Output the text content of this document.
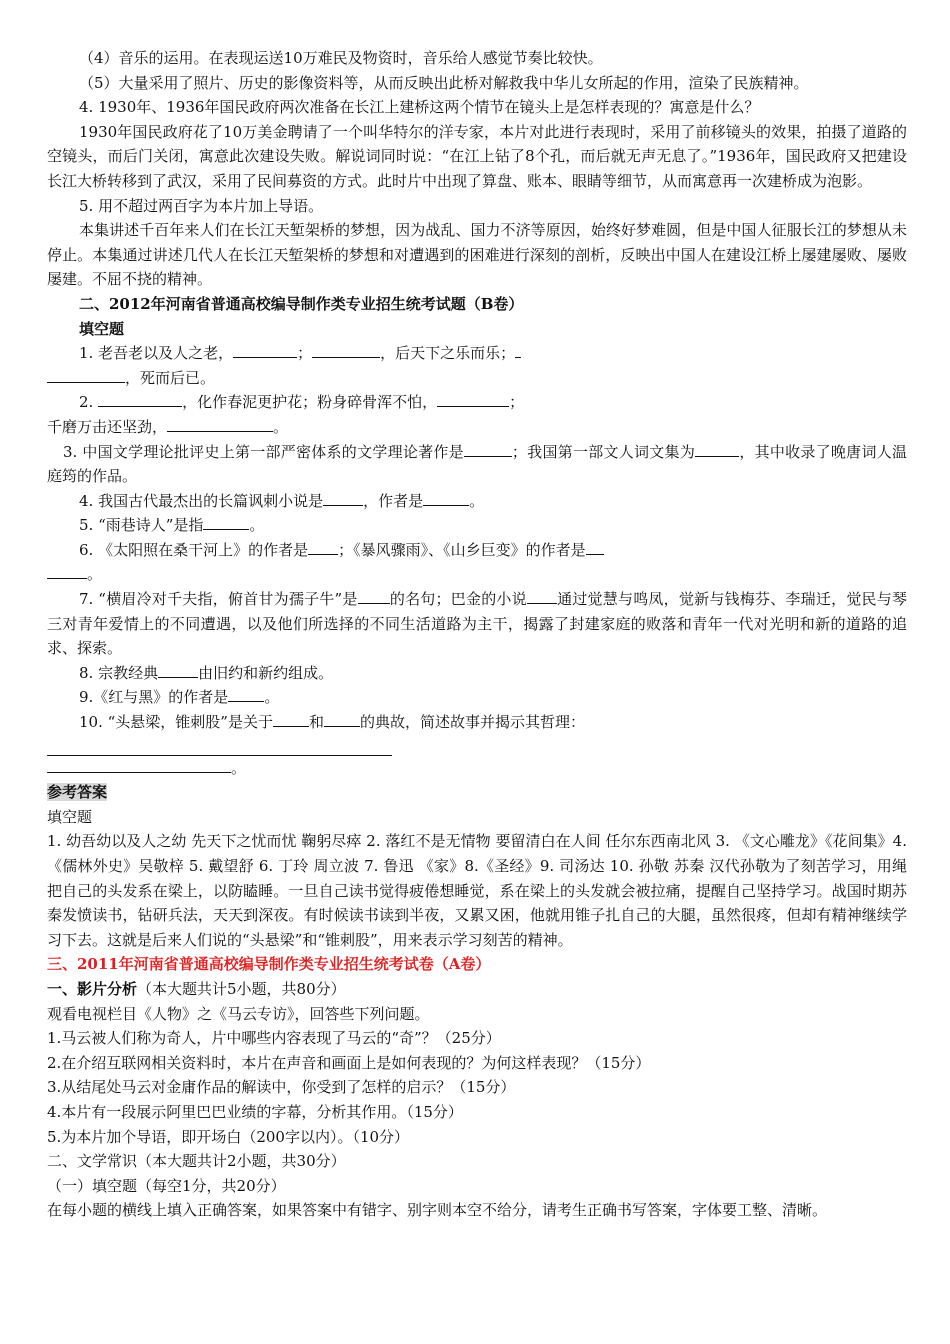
（4）音乐的运用。在表现运送10万难民及物资时，音乐给人感觉节奏比较快。

（5）大量采用了照片、历史的影像资料等，从而反映出此桥对解救我中华儿女所起的作用，渲染了民族精神。

4. 1930年、1936年国民政府两次准备在长江上建桥这两个情节在镜头上是怎样表现的？寓意是什么？

1930年国民政府花了10万美金聘请了一个叫华特尔的洋专家，本片对此进行表现时，采用了前移镜头的效果，拍摄了道路的空镜头，而后门关闭，寓意此次建设失败。解说词同时说：“在江上钻了8个孔，而后就无声无息了。”1936年，国民政府又把建设长江大桥转移到了武汉，采用了民间募资的方式。此时片中出现了算盘、账本、眼睛等细节，从而寓意再一次建桥成为泡影。

5. 用不超过两百字为本片加上导语。

本集讲述千百年来人们在长江天堑架桥的梦想，因为战乱、国力不济等原因，始终好梦难圆，但是中国人征服长江的梦想从未停止。本集通过讲述几代人在长江天堑架桥的梦想和对遭遇到的困难进行深刻的剖析，反映出中国人在建设江桥上屡建屡败、屡败屡建。不屈不挠的精神。

二、2012年河南省普通高校编导制作类专业招生统考试题（B卷）

填空题

1. 老吾老以及人之老，	；	，后天下之乐而乐；

，死而后已。

2.	，化作春泥更护花；粉身碎骨浑不怕，	；

千磨万击还坚劲，	。

3. 中国文学理论批评史上第一部严密体系的文学理论著作是	；我国第一部文人词文集为	，其中收录了晚唐词人温庭筠的作品。

4. 我国古代最杰出的长篇讽刺小说是	，作者是	。

5. “雨巷诗人”是指	。

6. 《太阳照在桑干河上》的作者是 ；《暴风骤雨》、《山乡巨变》的作者是

。

7. “横眉冷对千夫指，俯首甘为孺子牛”是 的名句；巴金的小说 通过觉慧与鸣凤，觉新与钱梅芬、李瑞迁，觉民与琴三对青年爱情上的不同遭遇，以及他们所选择的不同生活道路为主干，揭露了封建家庭的败落和青年一代对光明和新的道路的追求、探索。

8. 宗教经典	由旧约和新约组成。

9.《红与黑》的作者是 。

10. “头悬梁，锥刺股”是关于 和 的典故，简述故事并揭示其哲理：

。

参考答案

填空题

1. 幼吾幼以及人之幼 先天下之忧而忧 鞠躬尽瘁 2. 落红不是无情物 要留清白在人间 任尔东西南北风 3. 《文心雕龙》《花间集》4.《儒林外史》吴敬梓 5. 戴望舒 6. 丁玲 周立波 7. 鲁迅 《家》8.《圣经》9. 司汤达 10. 孙敬 苏秦 汉代孙敬为了刻苦学习，用绳把自己的头发系在梁上，以防瞌睡。一旦自己读书觉得疲倦想睡觉，系在梁上的头发就会被拉痛，提醒自己坚持学习。战国时期苏秦发愤读书，钻研兵法，天天到深夜。有时候读书读到半夜，又累又困，他就用锥子扎自己的大腿，虽然很疼，但却有精神继续学习下去。这就是后来人们说的“头悬梁”和“锥刺股”，用来表示学习刻苦的精神。

三、2011年河南省普通高校编导制作类专业招生统考试卷（A卷）

一、影片分析（本大题共计5小题，共80分）

观看电视栏目《人物》之《马云专访》，回答些下列问题。

1.马云被人们称为奇人，片中哪些内容表现了马云的“奇”？（25分）

2.在介绍互联网相关资料时，本片在声音和画面上是如何表现的？为何这样表现？（15分）

3.从结尾处马云对金庸作品的解读中，你受到了怎样的启示？（15分）

4.本片有一段展示阿里巴巴业绩的字幕，分析其作用。（15分）

5.为本片加个导语，即开场白（200字以内）。（10分）

二、文学常识（本大题共计2小题，共30分）

（一）填空题（每空1分，共20分）

在每小题的横线上填入正确答案，如果答案中有错字、别字则本空不给分，请考生正确书写答案，字体要工整、清晰。
